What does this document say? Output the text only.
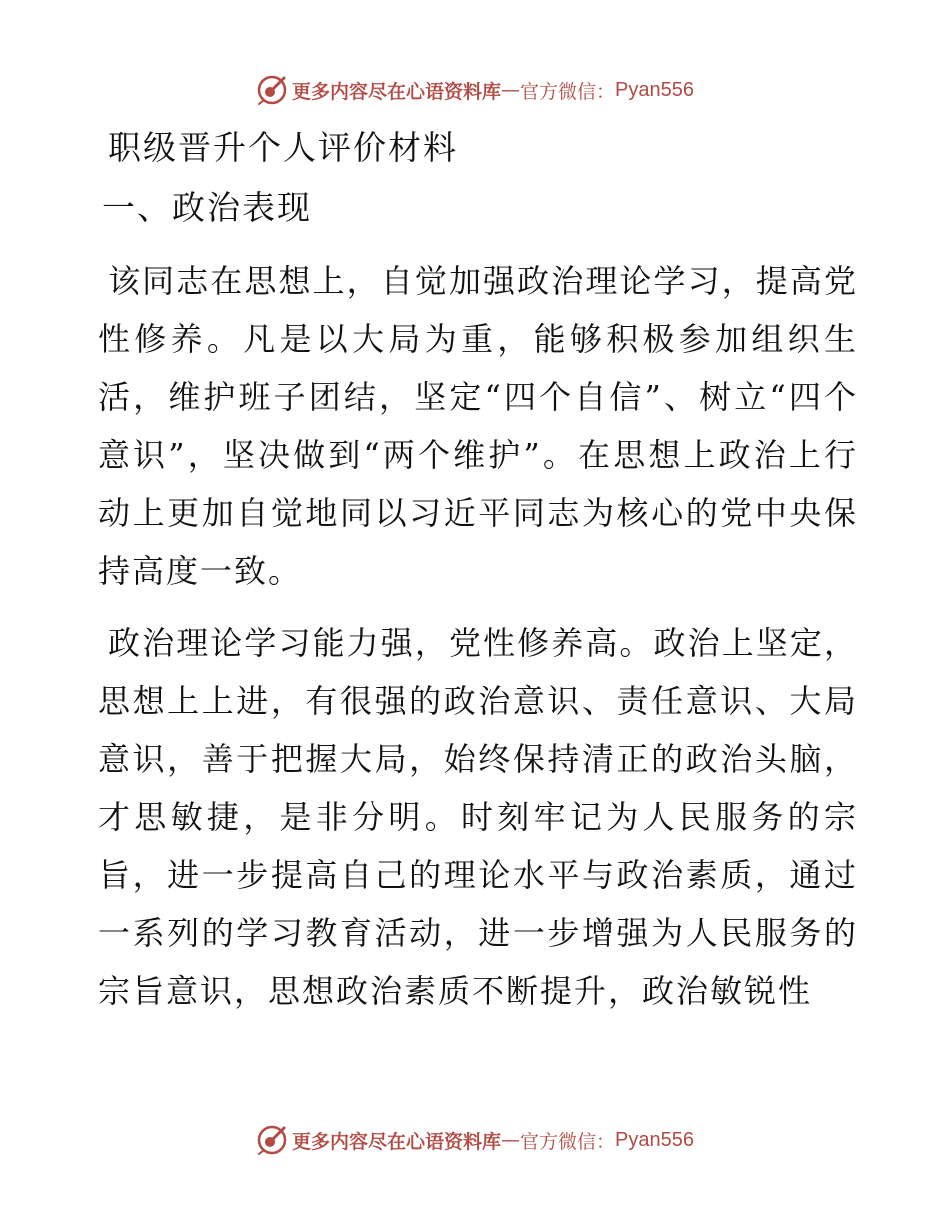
更多内容尽在心语资料库 — 官方微信： Pyan556
职级晋升个人评价材料
一、政治表现

该同志在思想上，自觉加强政治理论学习，提高党性修养。凡是以大局为重，能够积极参加组织生活，维护班子团结，坚定“四个自信”、树立“四个意识”，坚决做到“两个维护”。在思想上政治上行动上更加自觉地同以习近平同志为核心的党中央保持高度一致。

政治理论学习能力强，党性修养高。政治上坚定，思想上上进，有很强的政治意识、责任意识、大局意识，善于把握大局，始终保持清正的政治头脑，才思敏捷，是非分明。时刻牢记为人民服务的宗旨，进一步提高自己的理论水平与政治素质，通过一系列的学习教育活动，进一步增强为人民服务的宗旨意识，思想政治素质不断提升，政治敏锐性

更多内容尽在心语资料库 — 官方微信： Pyan556
